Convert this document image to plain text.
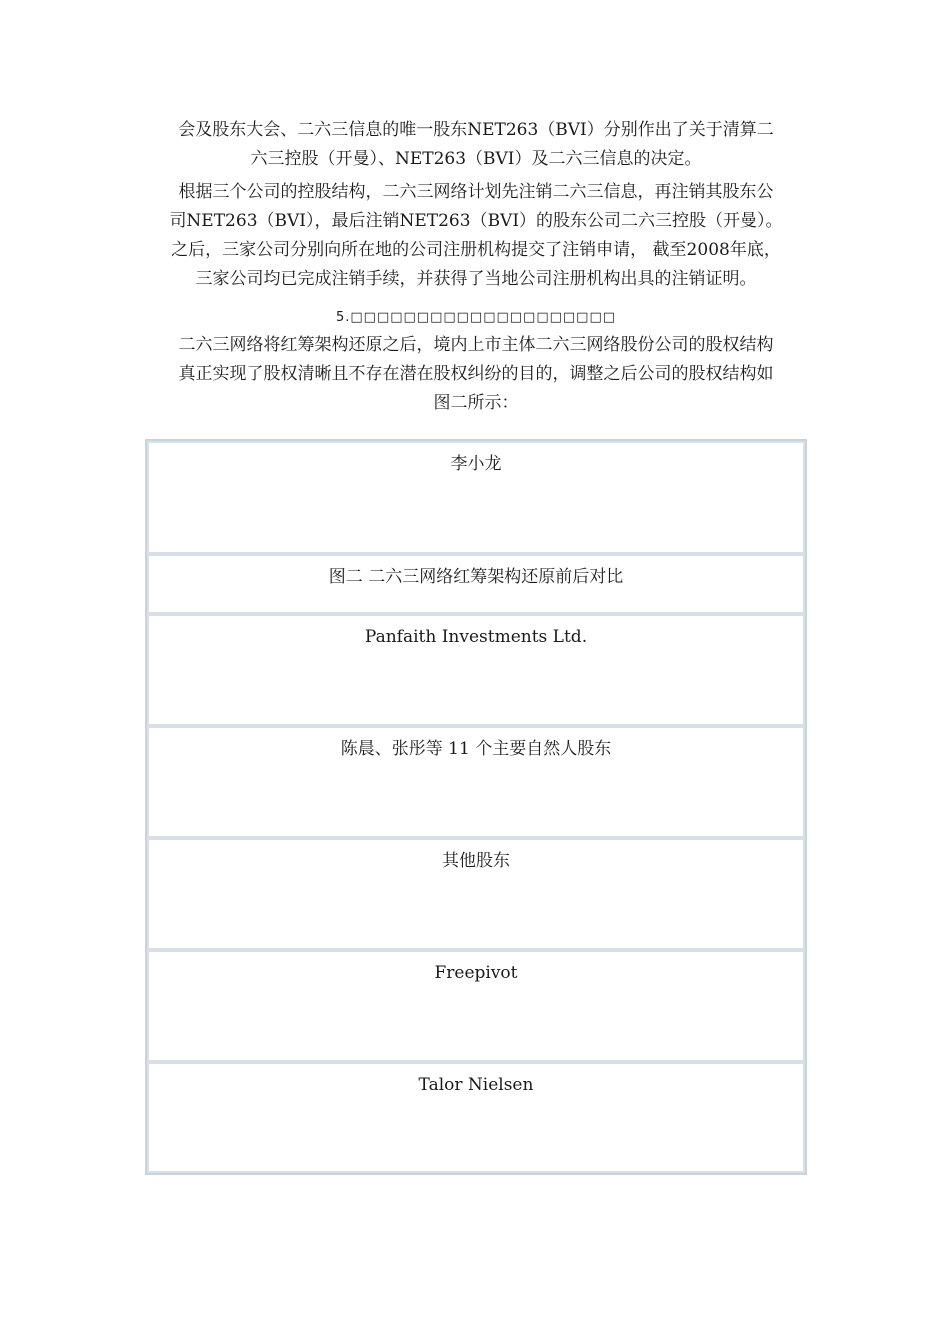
会及股东大会、二六三信息的唯一股东NET263（BVI）分别作出了关于清算二
六三控股（开曼）、NET263（BVI）及二六三信息的决定。
根据三个公司的控股结构，二六三网络计划先注销二六三信息，再注销其股东公
司NET263（BVI），最后注销NET263（BVI）的股东公司二六三控股（开曼）。
之后，三家公司分别向所在地的公司注册机构提交了注销申请， 截至2008年底，
三家公司均已完成注销手续，并获得了当地公司注册机构出具的注销证明。
5.□□□□□□□□□□□□□□□□□□□□
二六三网络将红筹架构还原之后，境内上市主体二六三网络股份公司的股权结构
真正实现了股权清晰且不存在潜在股权纠纷的目的，调整之后公司的股权结构如
图二所示：
李小龙
图二 二六三网络红筹架构还原前后对比
Panfaith Investments Ltd.
陈晨、张彤等 11 个主要自然人股东
其他股东
Freepivot
Talor Nielsen
